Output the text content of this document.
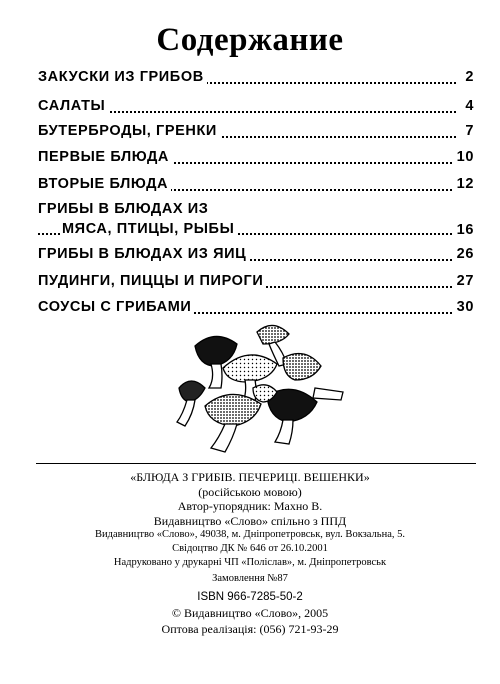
Содержание
ЗАКУСКИ ИЗ ГРИБОВ	2
САЛАТЫ	4
БУТЕРБРОДЫ, ГРЕНКИ	7
ПЕРВЫЕ БЛЮДА	10
ВТОРЫЕ БЛЮДА	12
ГРИБЫ В БЛЮДАХ ИЗ
МЯСА, ПТИЦЫ, РЫБЫ	16
ГРИБЫ В БЛЮДАХ ИЗ ЯИЦ	26
ПУДИНГИ, ПИЦЦЫ И ПИРОГИ	27
СОУСЫ С ГРИБАМИ	30
«БЛЮДА З ГРИБІВ. ПЕЧЕРИЦІ. ВЕШЕНКИ»
(російською мовою)
Автор-упорядник: Махно В.
Видавництво «Слово» спільно з ППД
Видавництво «Слово», 49038, м. Дніпропетровськ, вул. Вокзальна, 5.
Свідоцтво ДК № 646 от 26.10.2001
Надруковано у друкарні ЧП «Поліслав», м. Дніпропетровськ
Замовлення №87
ISBN 966-7285-50-2
© Видавництво «Слово», 2005
Оптова реалізація: (056) 721-93-29
